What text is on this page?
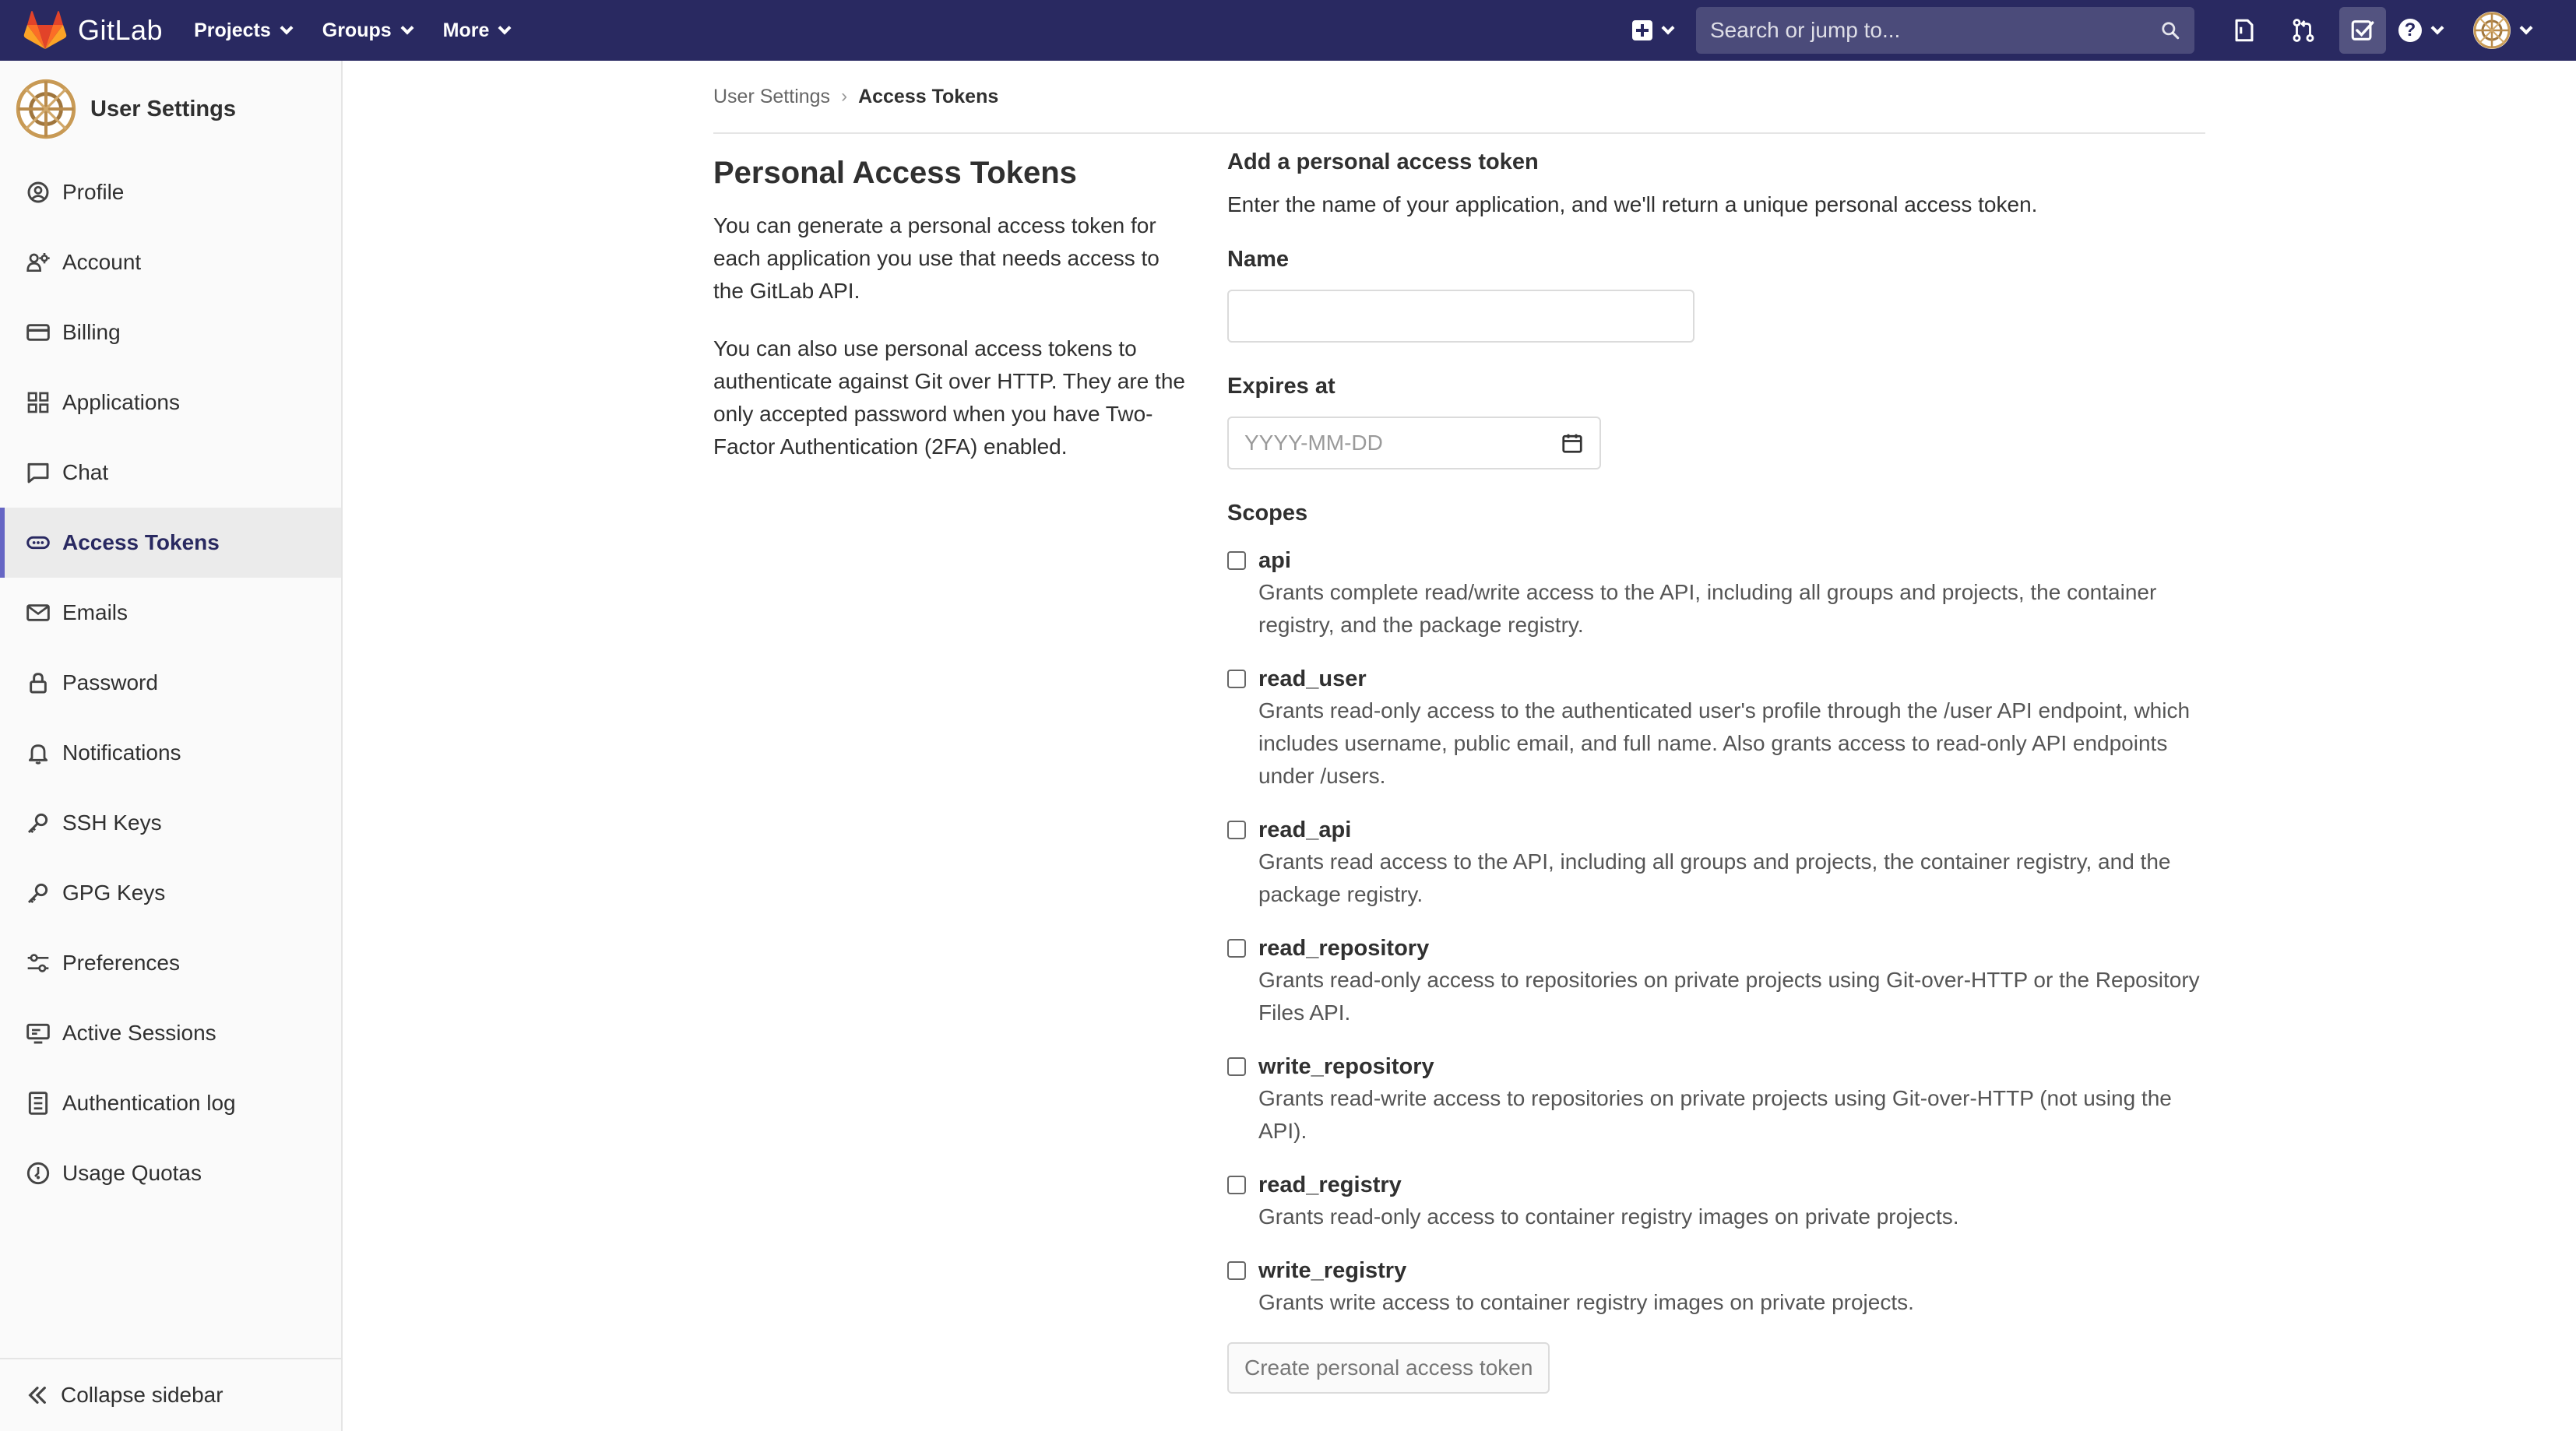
GitLab Projects	Groups	More	Search or jump to...	?
User Settings
Profile
Account
Billing
Applications
Chat
Access Tokens
Emails
Password
Notifications
SSH Keys
GPG Keys
Preferences
Active Sessions
Authentication log
Usage Quotas
Collapse sidebar
User Settings › Access Tokens
Personal Access Tokens

You can generate a personal access token for each application you use that needs access to the GitLab API.

You can also use personal access tokens to authenticate against Git over HTTP. They are the only accepted password when you have Two-Factor Authentication (2FA) enabled.

Add a personal access token

Enter the name of your application, and we'll return a unique personal access token.

Name
Expires at
YYYY-MM-DD
Scopes
api
Grants complete read/write access to the API, including all groups and projects, the container registry, and the package registry.
read_user
Grants read-only access to the authenticated user's profile through the /user API endpoint, which includes username, public email, and full name. Also grants access to read-only API endpoints under /users.
read_api
Grants read access to the API, including all groups and projects, the container registry, and the package registry.
read_repository
Grants read-only access to repositories on private projects using Git-over-HTTP or the Repository Files API.
write_repository
Grants read-write access to repositories on private projects using Git-over-HTTP (not using the API).
read_registry
Grants read-only access to container registry images on private projects.
write_registry
Grants write access to container registry images on private projects.
Create personal access token
